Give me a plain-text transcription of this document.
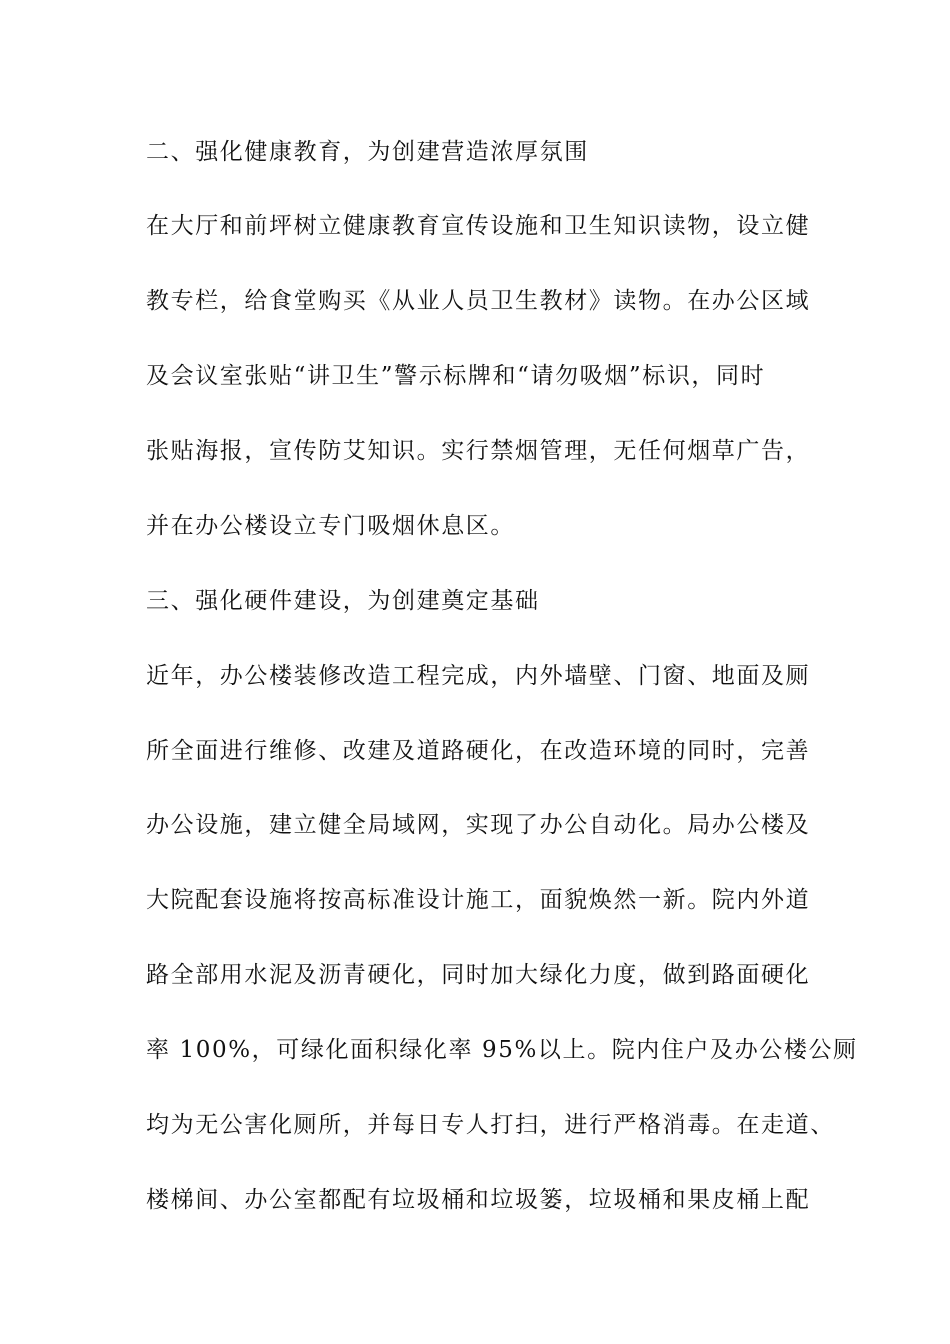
二、强化健康教育，为创建营造浓厚氛围
在大厅和前坪树立健康教育宣传设施和卫生知识读物，设立健
教专栏，给食堂购买《从业人员卫生教材》读物。在办公区域
及会议室张贴“讲卫生”警示标牌和“请勿吸烟”标识，同时
张贴海报，宣传防艾知识。实行禁烟管理，无任何烟草广告，
并在办公楼设立专门吸烟休息区。
三、强化硬件建设，为创建奠定基础
近年，办公楼装修改造工程完成，内外墙壁、门窗、地面及厕
所全面进行维修、改建及道路硬化，在改造环境的同时，完善
办公设施，建立健全局域网，实现了办公自动化。局办公楼及
大院配套设施将按高标准设计施工，面貌焕然一新。院内外道
路全部用水泥及沥青硬化，同时加大绿化力度，做到路面硬化
率 100%，可绿化面积绿化率 95%以上。院内住户及办公楼公厕
均为无公害化厕所，并每日专人打扫，进行严格消毒。在走道、
楼梯间、办公室都配有垃圾桶和垃圾篓，垃圾桶和果皮桶上配
